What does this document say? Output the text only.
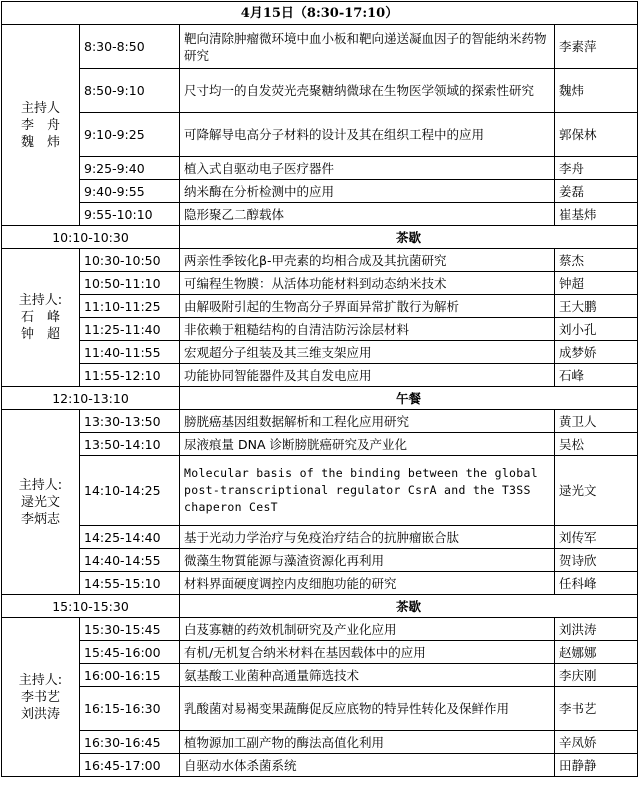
4月15日（8:30-17:10）			

主持人
李　舟
魏　炜	8:30-8:50	靶向清除肿瘤微环境中血小板和靶向递送凝血因子的智能纳米药物研究	李素萍
	8:50-9:10	尺寸均一的自发荧光壳聚糖纳微球在生物医学领域的探索性研究	魏炜
	9:10-9:25	可降解导电高分子材料的设计及其在组织工程中的应用	郭保林
	9:25-9:40	植入式自驱动电子医疗器件	李舟
	9:40-9:55	纳米酶在分析检测中的应用	姜磊
	9:55-10:10	隐形聚乙二醇载体	崔基炜
10:10-10:30		茶歇	

主持人:
石　峰
钟　超	10:30-10:50	两亲性季铵化β-甲壳素的均相合成及其抗菌研究	蔡杰
	10:50-11:10	可编程生物膜：从活体功能材料到动态纳米技术	钟超
	11:10-11:25	由解吸附引起的生物高分子界面异常扩散行为解析	王大鹏
	11:25-11:40	非依赖于粗糙结构的自清洁防污涂层材料	刘小孔
	11:40-11:55	宏观超分子组装及其三维支架应用	成梦娇
	11:55-12:10	功能协同智能器件及其自发电应用	石峰
12:10-13:10		午餐	

主持人:
逯光文
李炳志	13:30-13:50	膀胱癌基因组数据解析和工程化应用研究	黄卫人
	13:50-14:10	尿液痕量 DNA 诊断膀胱癌研究及产业化	吴松
	14:10-14:25	Molecular basis of the binding between the global post-transcriptional regulator CsrA and the T3SS chaperon CesT	逯光文
	14:25-14:40	基于光动力学治疗与免疫治疗结合的抗肿瘤嵌合肽	刘传军
	14:40-14:55	微藻生物質能源与藻渣资源化再利用	贺诗欣
	14:55-15:10	材料界面硬度调控内皮细胞功能的研究	任科峰
15:10-15:30		茶歇	

主持人:
李书艺
刘洪涛	15:30-15:45	白芨寡糖的药效机制研究及产业化应用	刘洪涛
	15:45-16:00	有机/无机复合纳米材料在基因载体中的应用	赵娜娜
	16:00-16:15	氨基酸工业菌种高通量筛选技术	李庆刚
	16:15-16:30	乳酸菌对易褐变果蔬酶促反应底物的特异性转化及保鲜作用	李书艺
	16:30-16:45	植物源加工副产物的酶法高值化利用	辛凤娇
	16:45-17:00	自驱动水体杀菌系统	田静静
